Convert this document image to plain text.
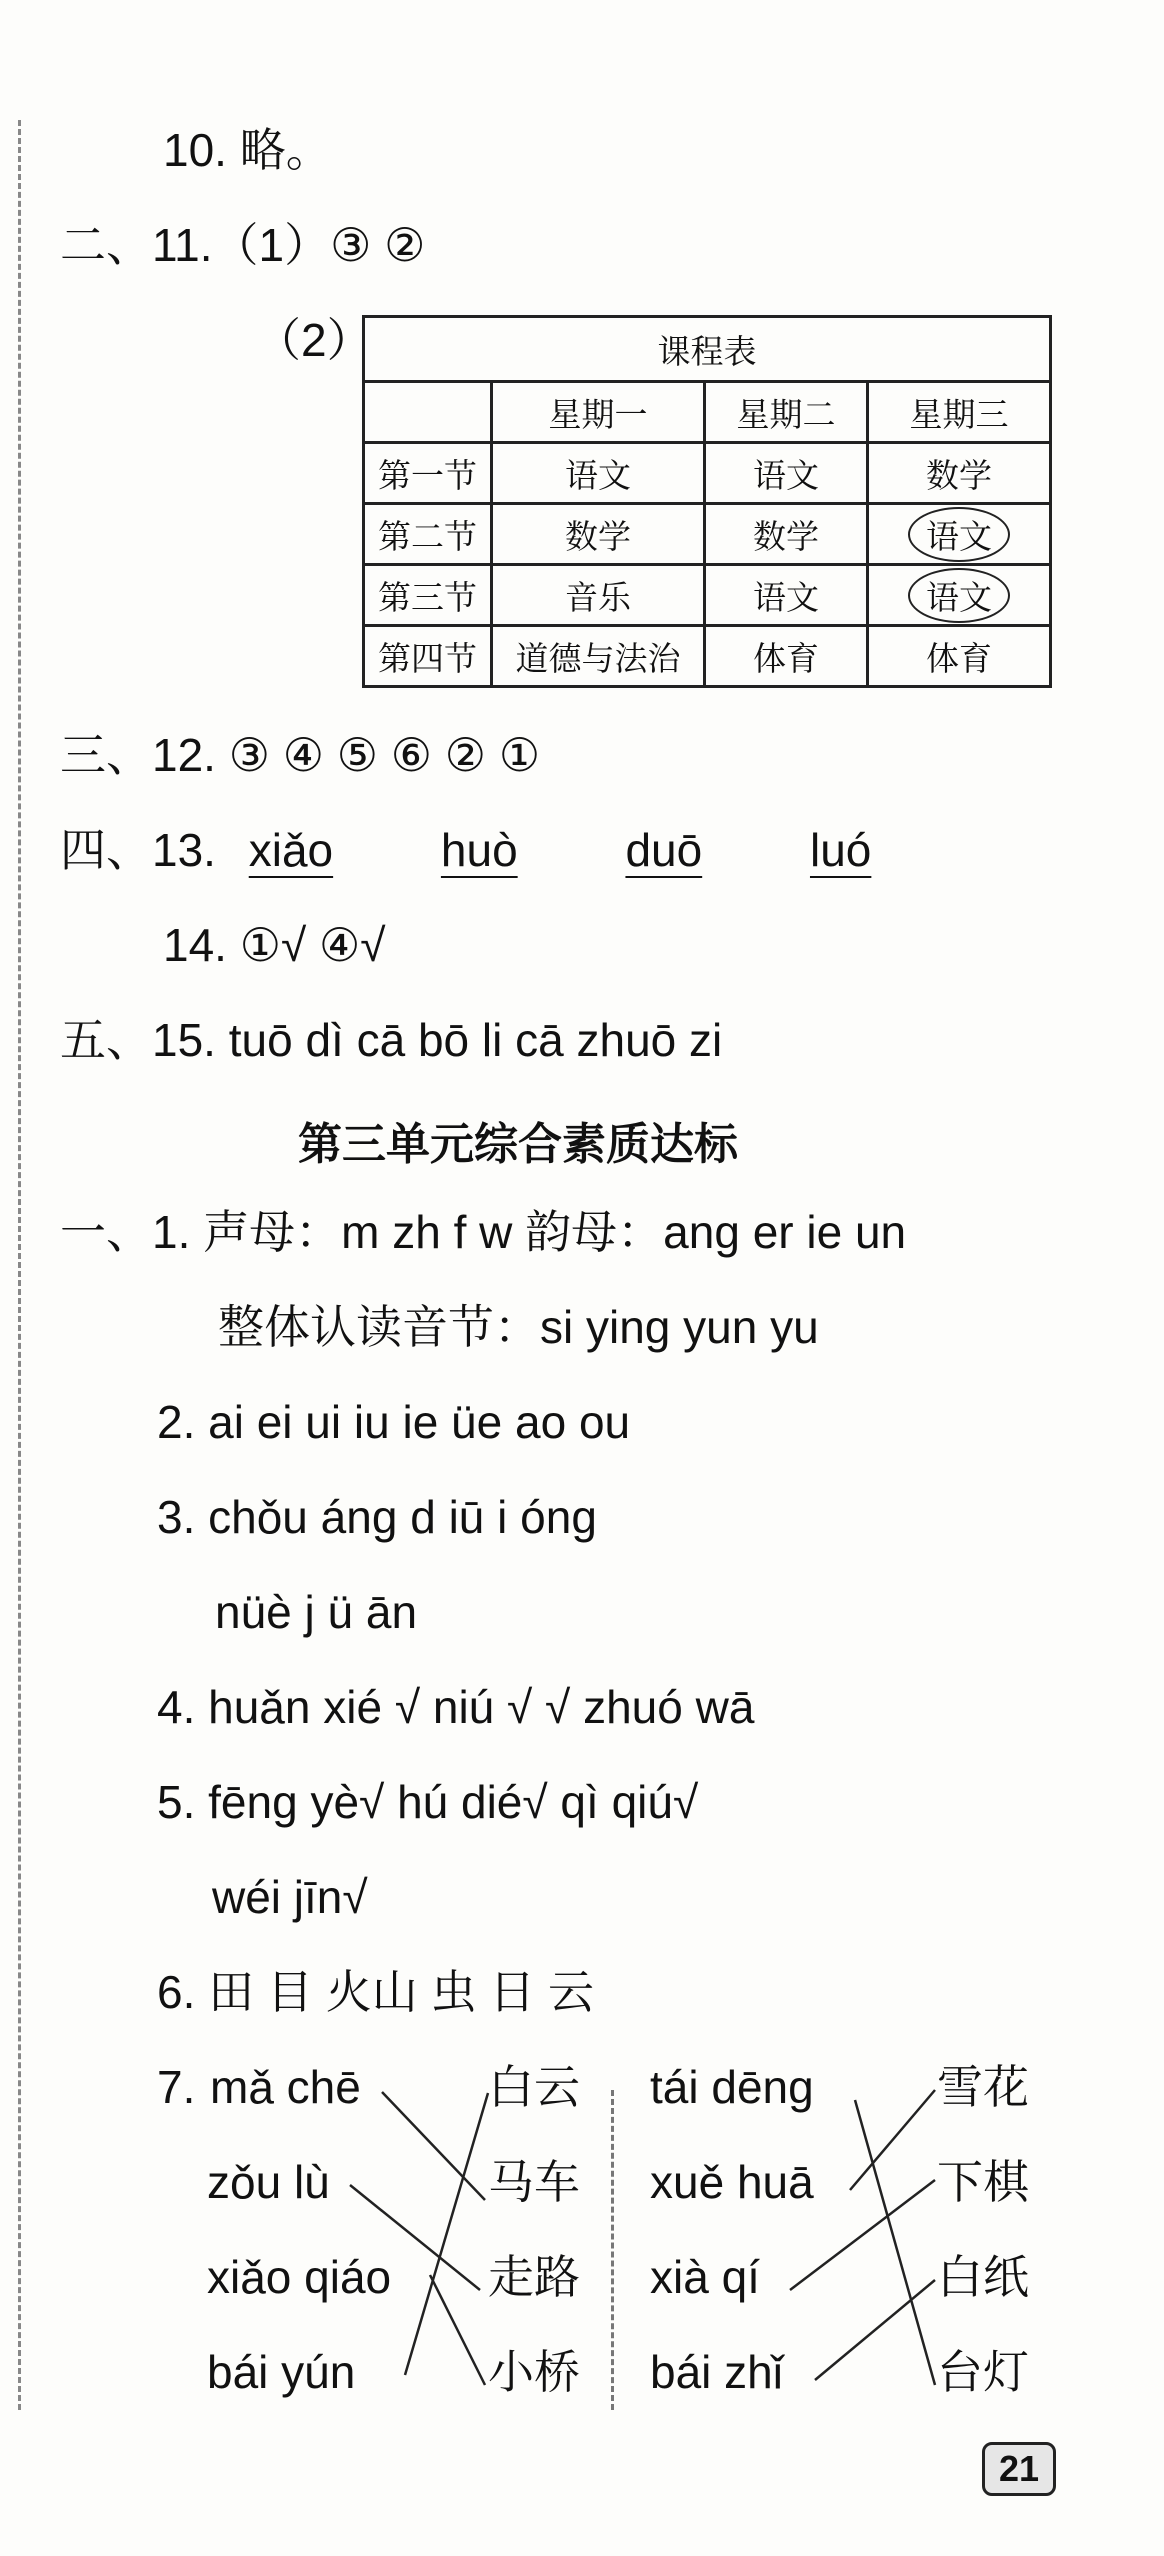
10. 略。
二、11.（1）③ ②
（2）	课程表			
	星期一	星期二	星期三
第一节	语文	语文	数学
第二节	数学	数学	语文
第三节	音乐	语文	语文
第四节	道德与法治	体育	体育
三、12. ③ ④ ⑤ ⑥ ② ①
四、13. xiǎo huò duō luó
14. ①√ ④√
五、15. tuō dì cā bō li cā zhuō zi
第三单元综合素质达标
一、1. 声母：m zh f w 韵母：ang er ie un
整体认读音节：si ying yun yu
2. ai ei ui iu ie üe ao ou
3. chǒu áng d iū i óng
nüè j ü ān
4. huǎn xié √ niú √ √ zhuó wā
5. fēng yè√ hú dié√ qì qiú√
wéi jīn√
6. 田 目 火山 虫 日 云
7. mǎ chē
zǒu lù
xiǎo qiáo
bái yún
白云
马车
走路
小桥
tái dēng
xuě huā
xià qí
bái zhǐ
雪花
下棋
白纸
台灯
21
